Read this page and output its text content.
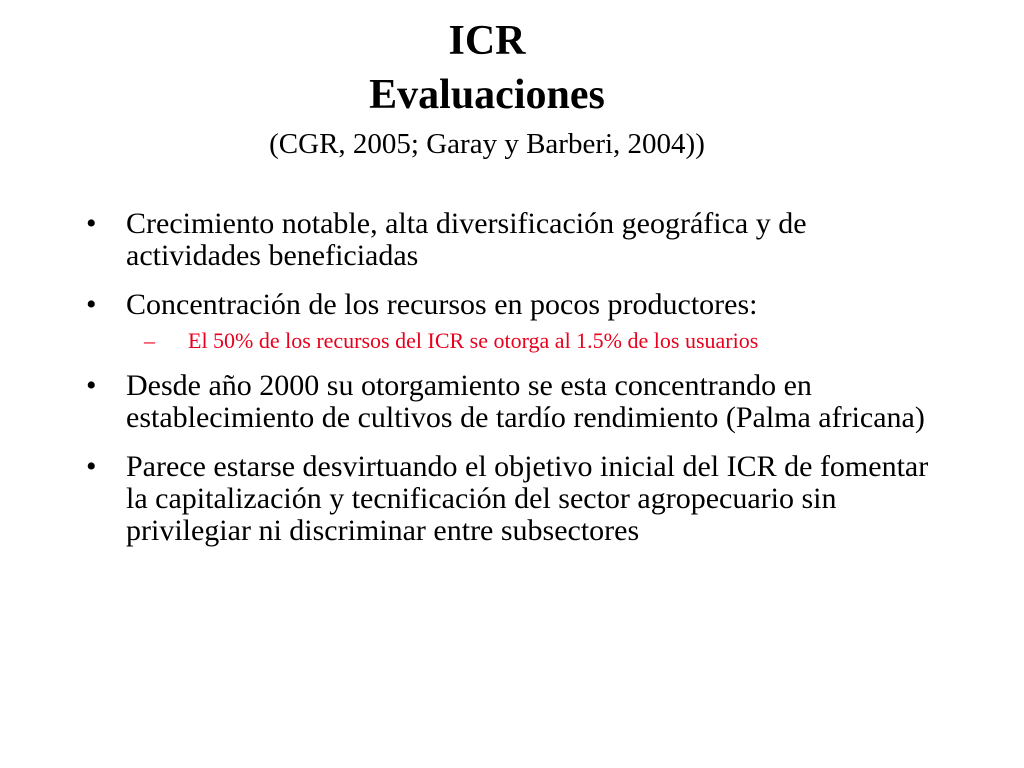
ICR

Evaluaciones

(CGR, 2005; Garay y Barberi, 2004))

• Crecimiento notable, alta diversificación geográfica y de actividades beneficiadas
• Concentración de los recursos en pocos productores:
– El 50% de los recursos del ICR se otorga al 1.5% de los usuarios
• Desde año 2000 su otorgamiento se esta concentrando en establecimiento de cultivos de tardío rendimiento (Palma africana)
• Parece estarse desvirtuando el objetivo inicial del ICR de fomentar la capitalización y tecnificación del sector agropecuario sin privilegiar ni discriminar entre subsectores
